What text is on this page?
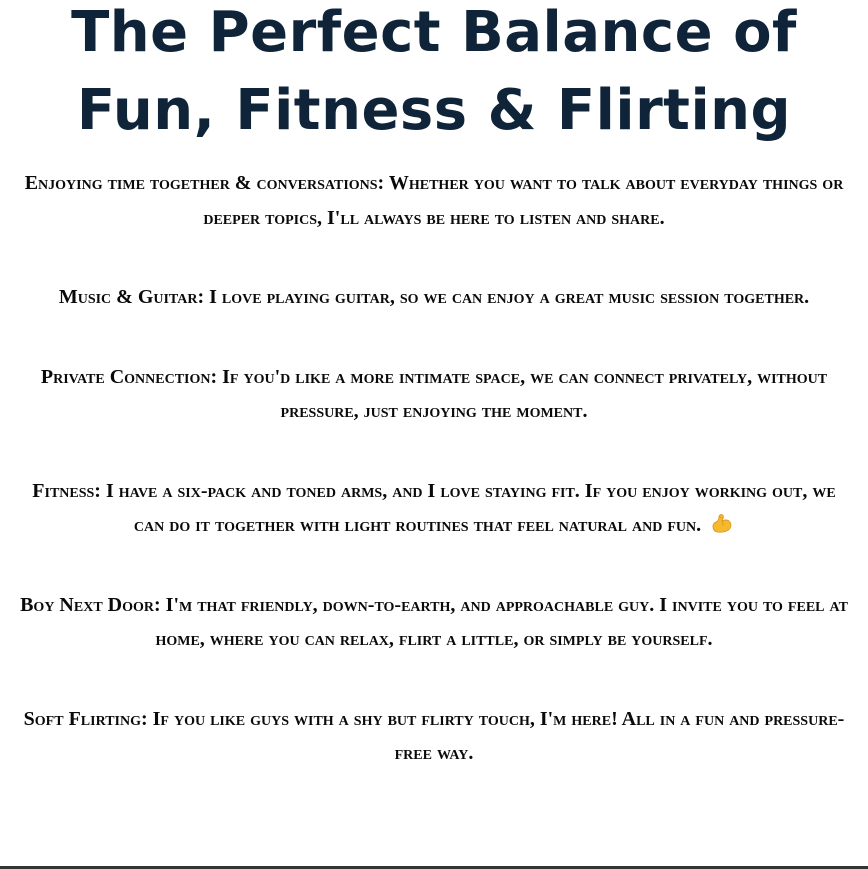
The Perfect Balance of
Fun, Fitness & Flirting

Enjoying time together & conversations: Whether you want to talk about everyday things or deeper topics, I'll always be here to listen and share.

Music & Guitar: I love playing guitar, so we can enjoy a great music session together.

Private Connection: If you'd like a more intimate space, we can connect privately, without pressure, just enjoying the moment.

Fitness: I have a six-pack and toned arms, and I love staying fit. If you enjoy working out, we can do it together with light routines that feel natural and fun.

Boy Next Door: I'm that friendly, down-to-earth, and approachable guy. I invite you to feel at home, where you can relax, flirt a little, or simply be yourself.

Soft Flirting: If you like guys with a shy but flirty touch, I'm here! All in a fun and pressure-free way.
